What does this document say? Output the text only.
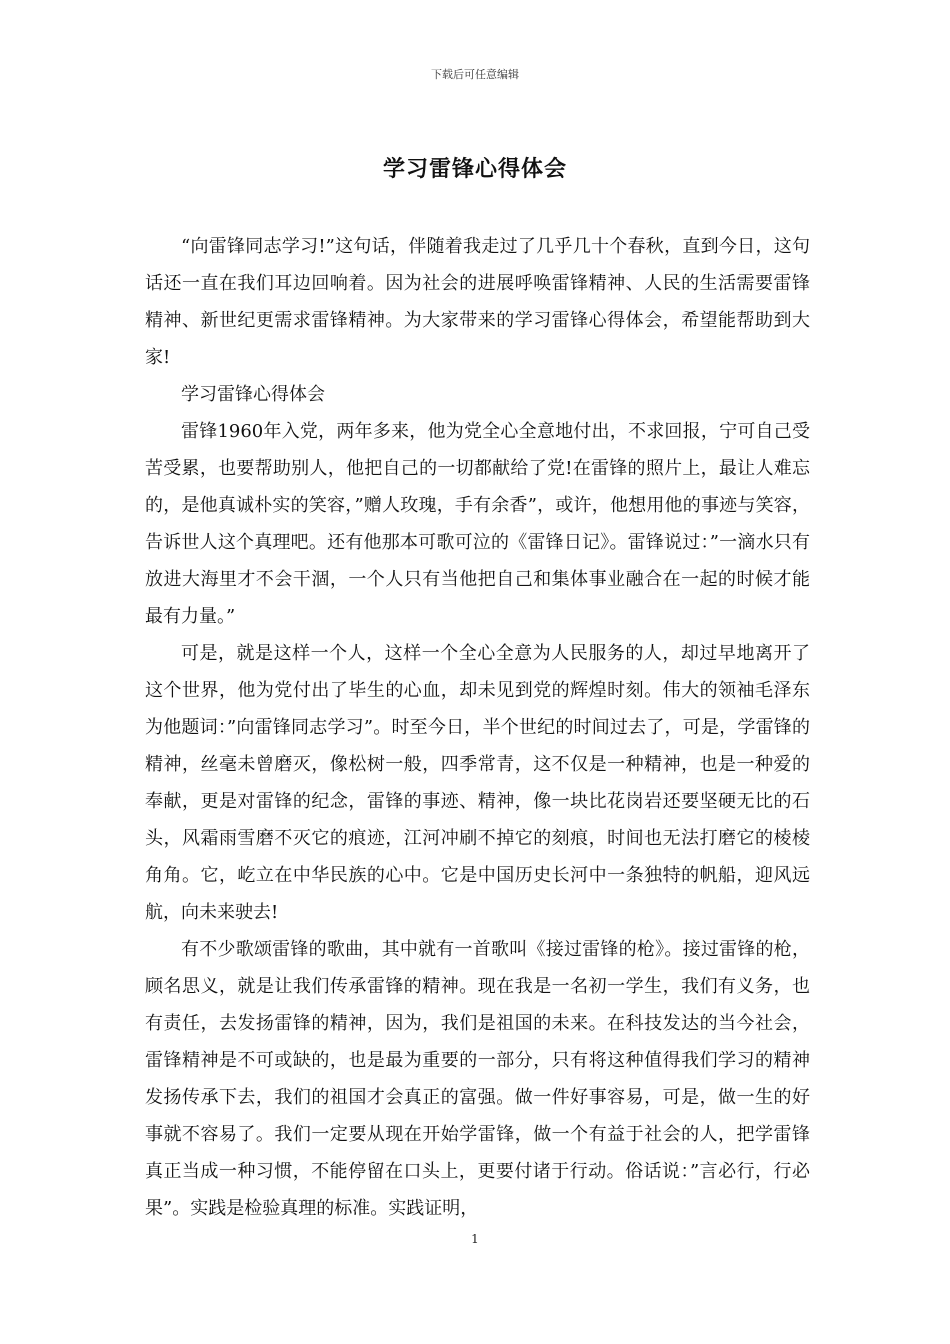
下载后可任意编辑
学习雷锋心得体会

“向雷锋同志学习!”这句话，伴随着我走过了几乎几十个春秋，直到今日，这句话还一直在我们耳边回响着。因为社会的进展呼唤雷锋精神、人民的生活需要雷锋精神、新世纪更需求雷锋精神。为大家带来的学习雷锋心得体会，希望能帮助到大家!

学习雷锋心得体会

雷锋1960年入党，两年多来，他为党全心全意地付出，不求回报，宁可自己受苦受累，也要帮助别人，他把自己的一切都献给了党!在雷锋的照片上，最让人难忘的，是他真诚朴实的笑容，”赠人玫瑰，手有余香”，或许，他想用他的事迹与笑容，告诉世人这个真理吧。还有他那本可歌可泣的《雷锋日记》。雷锋说过：”一滴水只有放进大海里才不会干涸，一个人只有当他把自己和集体事业融合在一起的时候才能最有力量。”

可是，就是这样一个人，这样一个全心全意为人民服务的人，却过早地离开了这个世界，他为党付出了毕生的心血，却未见到党的辉煌时刻。伟大的领袖毛泽东为他题词：”向雷锋同志学习”。时至今日，半个世纪的时间过去了，可是，学雷锋的精神，丝毫未曾磨灭，像松树一般，四季常青，这不仅是一种精神，也是一种爱的奉献，更是对雷锋的纪念，雷锋的事迹、精神，像一块比花岗岩还要坚硬无比的石头，风霜雨雪磨不灭它的痕迹，江河冲刷不掉它的刻痕，时间也无法打磨它的棱棱角角。它，屹立在中华民族的心中。它是中国历史长河中一条独特的帆船，迎风远航，向未来驶去!

有不少歌颂雷锋的歌曲，其中就有一首歌叫《接过雷锋的枪》。接过雷锋的枪，顾名思义，就是让我们传承雷锋的精神。现在我是一名初一学生，我们有义务，也有责任，去发扬雷锋的精神，因为，我们是祖国的未来。在科技发达的当今社会，雷锋精神是不可或缺的，也是最为重要的一部分，只有将这种值得我们学习的精神发扬传承下去，我们的祖国才会真正的富强。做一件好事容易，可是，做一生的好事就不容易了。我们一定要从现在开始学雷锋，做一个有益于社会的人，把学雷锋真正当成一种习惯，不能停留在口头上，更要付诸于行动。俗话说：”言必行，行必果”。实践是检验真理的标准。实践证明，

1
